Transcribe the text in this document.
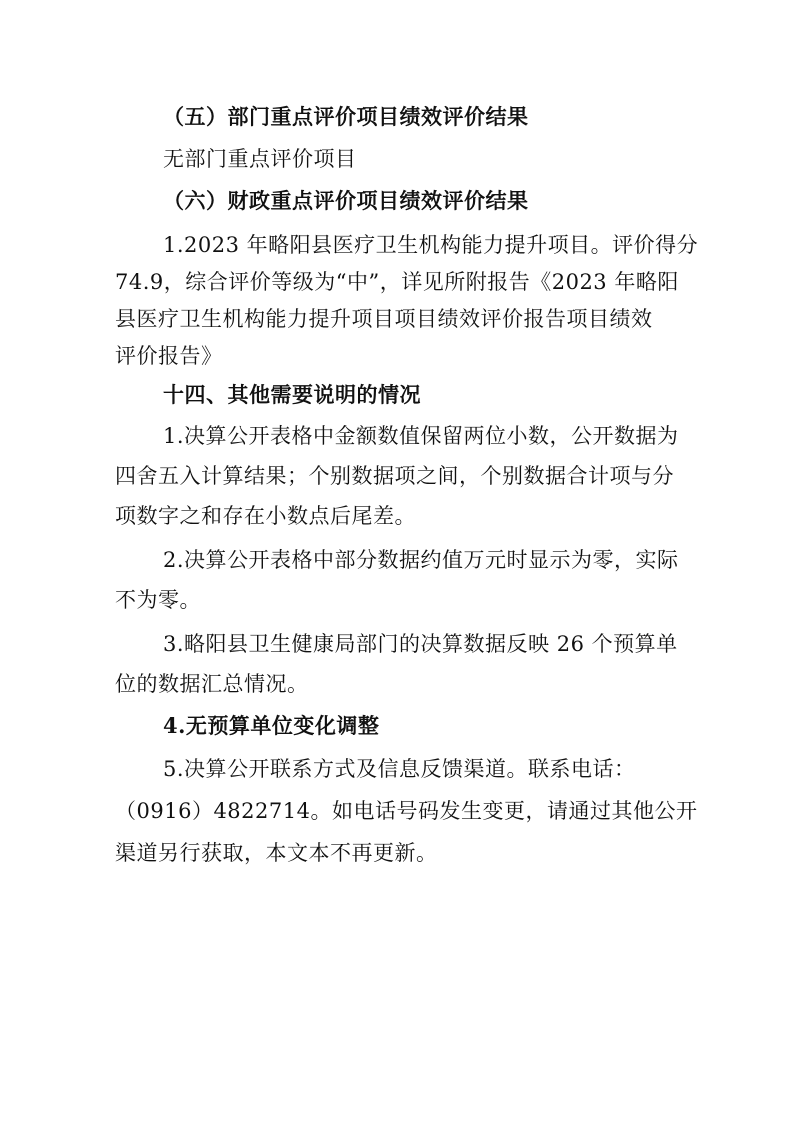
（五）部门重点评价项目绩效评价结果
无部门重点评价项目
（六）财政重点评价项目绩效评价结果
1.2023 年略阳县医疗卫生机构能力提升项目。评价得分
74.9，综合评价等级为“中”，详见所附报告《2023 年略阳
县医疗卫生机构能力提升项目项目绩效评价报告项目绩效
评价报告》
十四、其他需要说明的情况
1.决算公开表格中金额数值保留两位小数，公开数据为
四舍五入计算结果；个别数据项之间，个别数据合计项与分
项数字之和存在小数点后尾差。
2.决算公开表格中部分数据约值万元时显示为零，实际
不为零。
3.略阳县卫生健康局部门的决算数据反映 26 个预算单
位的数据汇总情况。
4.无预算单位变化调整
5.决算公开联系方式及信息反馈渠道。联系电话：
（0916）4822714。如电话号码发生变更，请通过其他公开
渠道另行获取，本文本不再更新。
